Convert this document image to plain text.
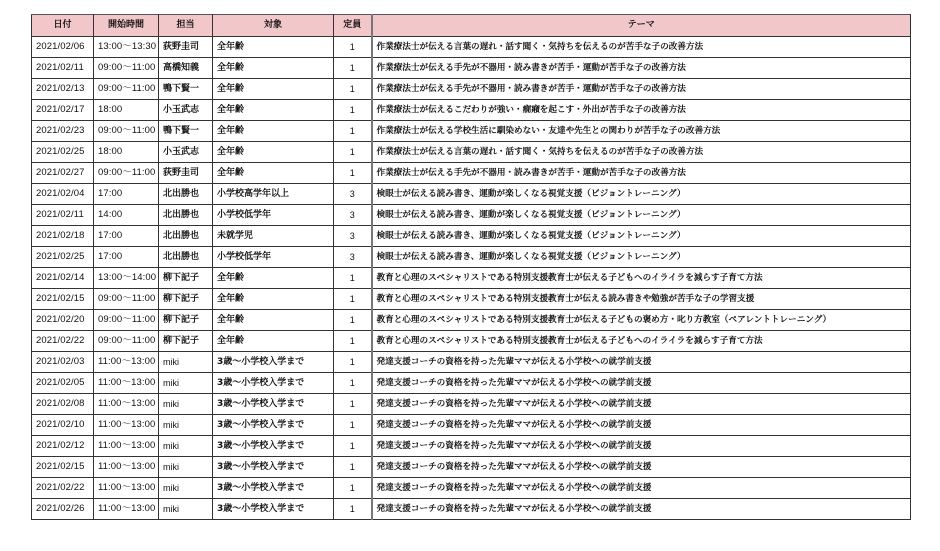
日付	開始時間	担当	対象	定員	テーマ
2021/02/06	13:00〜13:30	荻野圭司	全年齢	1	作業療法士が伝える言葉の遅れ・話す聞く・気持ちを伝えるのが苦手な子の改善方法
2021/02/11	09:00〜11:00	高橋知義	全年齢	1	作業療法士が伝える手先が不器用・読み書きが苦手・運動が苦手な子の改善方法
2021/02/13	09:00〜11:00	鴨下賢一	全年齢	1	作業療法士が伝える手先が不器用・読み書きが苦手・運動が苦手な子の改善方法
2021/02/17	18:00	小玉武志	全年齢	1	作業療法士が伝えるこだわりが強い・癇癪を起こす・外出が苦手な子の改善方法
2021/02/23	09:00〜11:00	鴨下賢一	全年齢	1	作業療法士が伝える学校生活に馴染めない・友達や先生との関わりが苦手な子の改善方法
2021/02/25	18:00	小玉武志	全年齢	1	作業療法士が伝える言葉の遅れ・話す聞く・気持ちを伝えるのが苦手な子の改善方法
2021/02/27	09:00〜11:00	荻野圭司	全年齢	1	作業療法士が伝える手先が不器用・読み書きが苦手・運動が苦手な子の改善方法
2021/02/04	17:00	北出勝也	小学校高学年以上	3	検眼士が伝える読み書き、運動が楽しくなる視覚支援（ビジョントレーニング）
2021/02/11	14:00	北出勝也	小学校低学年	3	検眼士が伝える読み書き、運動が楽しくなる視覚支援（ビジョントレーニング）
2021/02/18	17:00	北出勝也	未就学児	3	検眼士が伝える読み書き、運動が楽しくなる視覚支援（ビジョントレーニング）
2021/02/25	17:00	北出勝也	小学校低学年	3	検眼士が伝える読み書き、運動が楽しくなる視覚支援（ビジョントレーニング）
2021/02/14	13:00〜14:00	柳下記子	全年齢	1	教育と心理のスペシャリストである特別支援教育士が伝える子どもへのイライラを減らす子育て方法
2021/02/15	09:00〜11:00	柳下記子	全年齢	1	教育と心理のスペシャリストである特別支援教育士が伝える読み書きや勉強が苦手な子の学習支援
2021/02/20	09:00〜11:00	柳下記子	全年齢	1	教育と心理のスペシャリストである特別支援教育士が伝える子どもの褒め方・叱り方教室（ペアレントトレーニング）
2021/02/22	09:00〜11:00	柳下記子	全年齢	1	教育と心理のスペシャリストである特別支援教育士が伝える子どもへのイライラを減らす子育て方法
2021/02/03	11:00〜13:00	miki	3歳〜小学校入学まで	1	発達支援コーチの資格を持った先輩ママが伝える小学校への就学前支援
2021/02/05	11:00〜13:00	miki	3歳〜小学校入学まで	1	発達支援コーチの資格を持った先輩ママが伝える小学校への就学前支援
2021/02/08	11:00〜13:00	miki	3歳〜小学校入学まで	1	発達支援コーチの資格を持った先輩ママが伝える小学校への就学前支援
2021/02/10	11:00〜13:00	miki	3歳〜小学校入学まで	1	発達支援コーチの資格を持った先輩ママが伝える小学校への就学前支援
2021/02/12	11:00〜13:00	miki	3歳〜小学校入学まで	1	発達支援コーチの資格を持った先輩ママが伝える小学校への就学前支援
2021/02/15	11:00〜13:00	miki	3歳〜小学校入学まで	1	発達支援コーチの資格を持った先輩ママが伝える小学校への就学前支援
2021/02/22	11:00〜13:00	miki	3歳〜小学校入学まで	1	発達支援コーチの資格を持った先輩ママが伝える小学校への就学前支援
2021/02/26	11:00〜13:00	miki	3歳〜小学校入学まで	1	発達支援コーチの資格を持った先輩ママが伝える小学校への就学前支援
